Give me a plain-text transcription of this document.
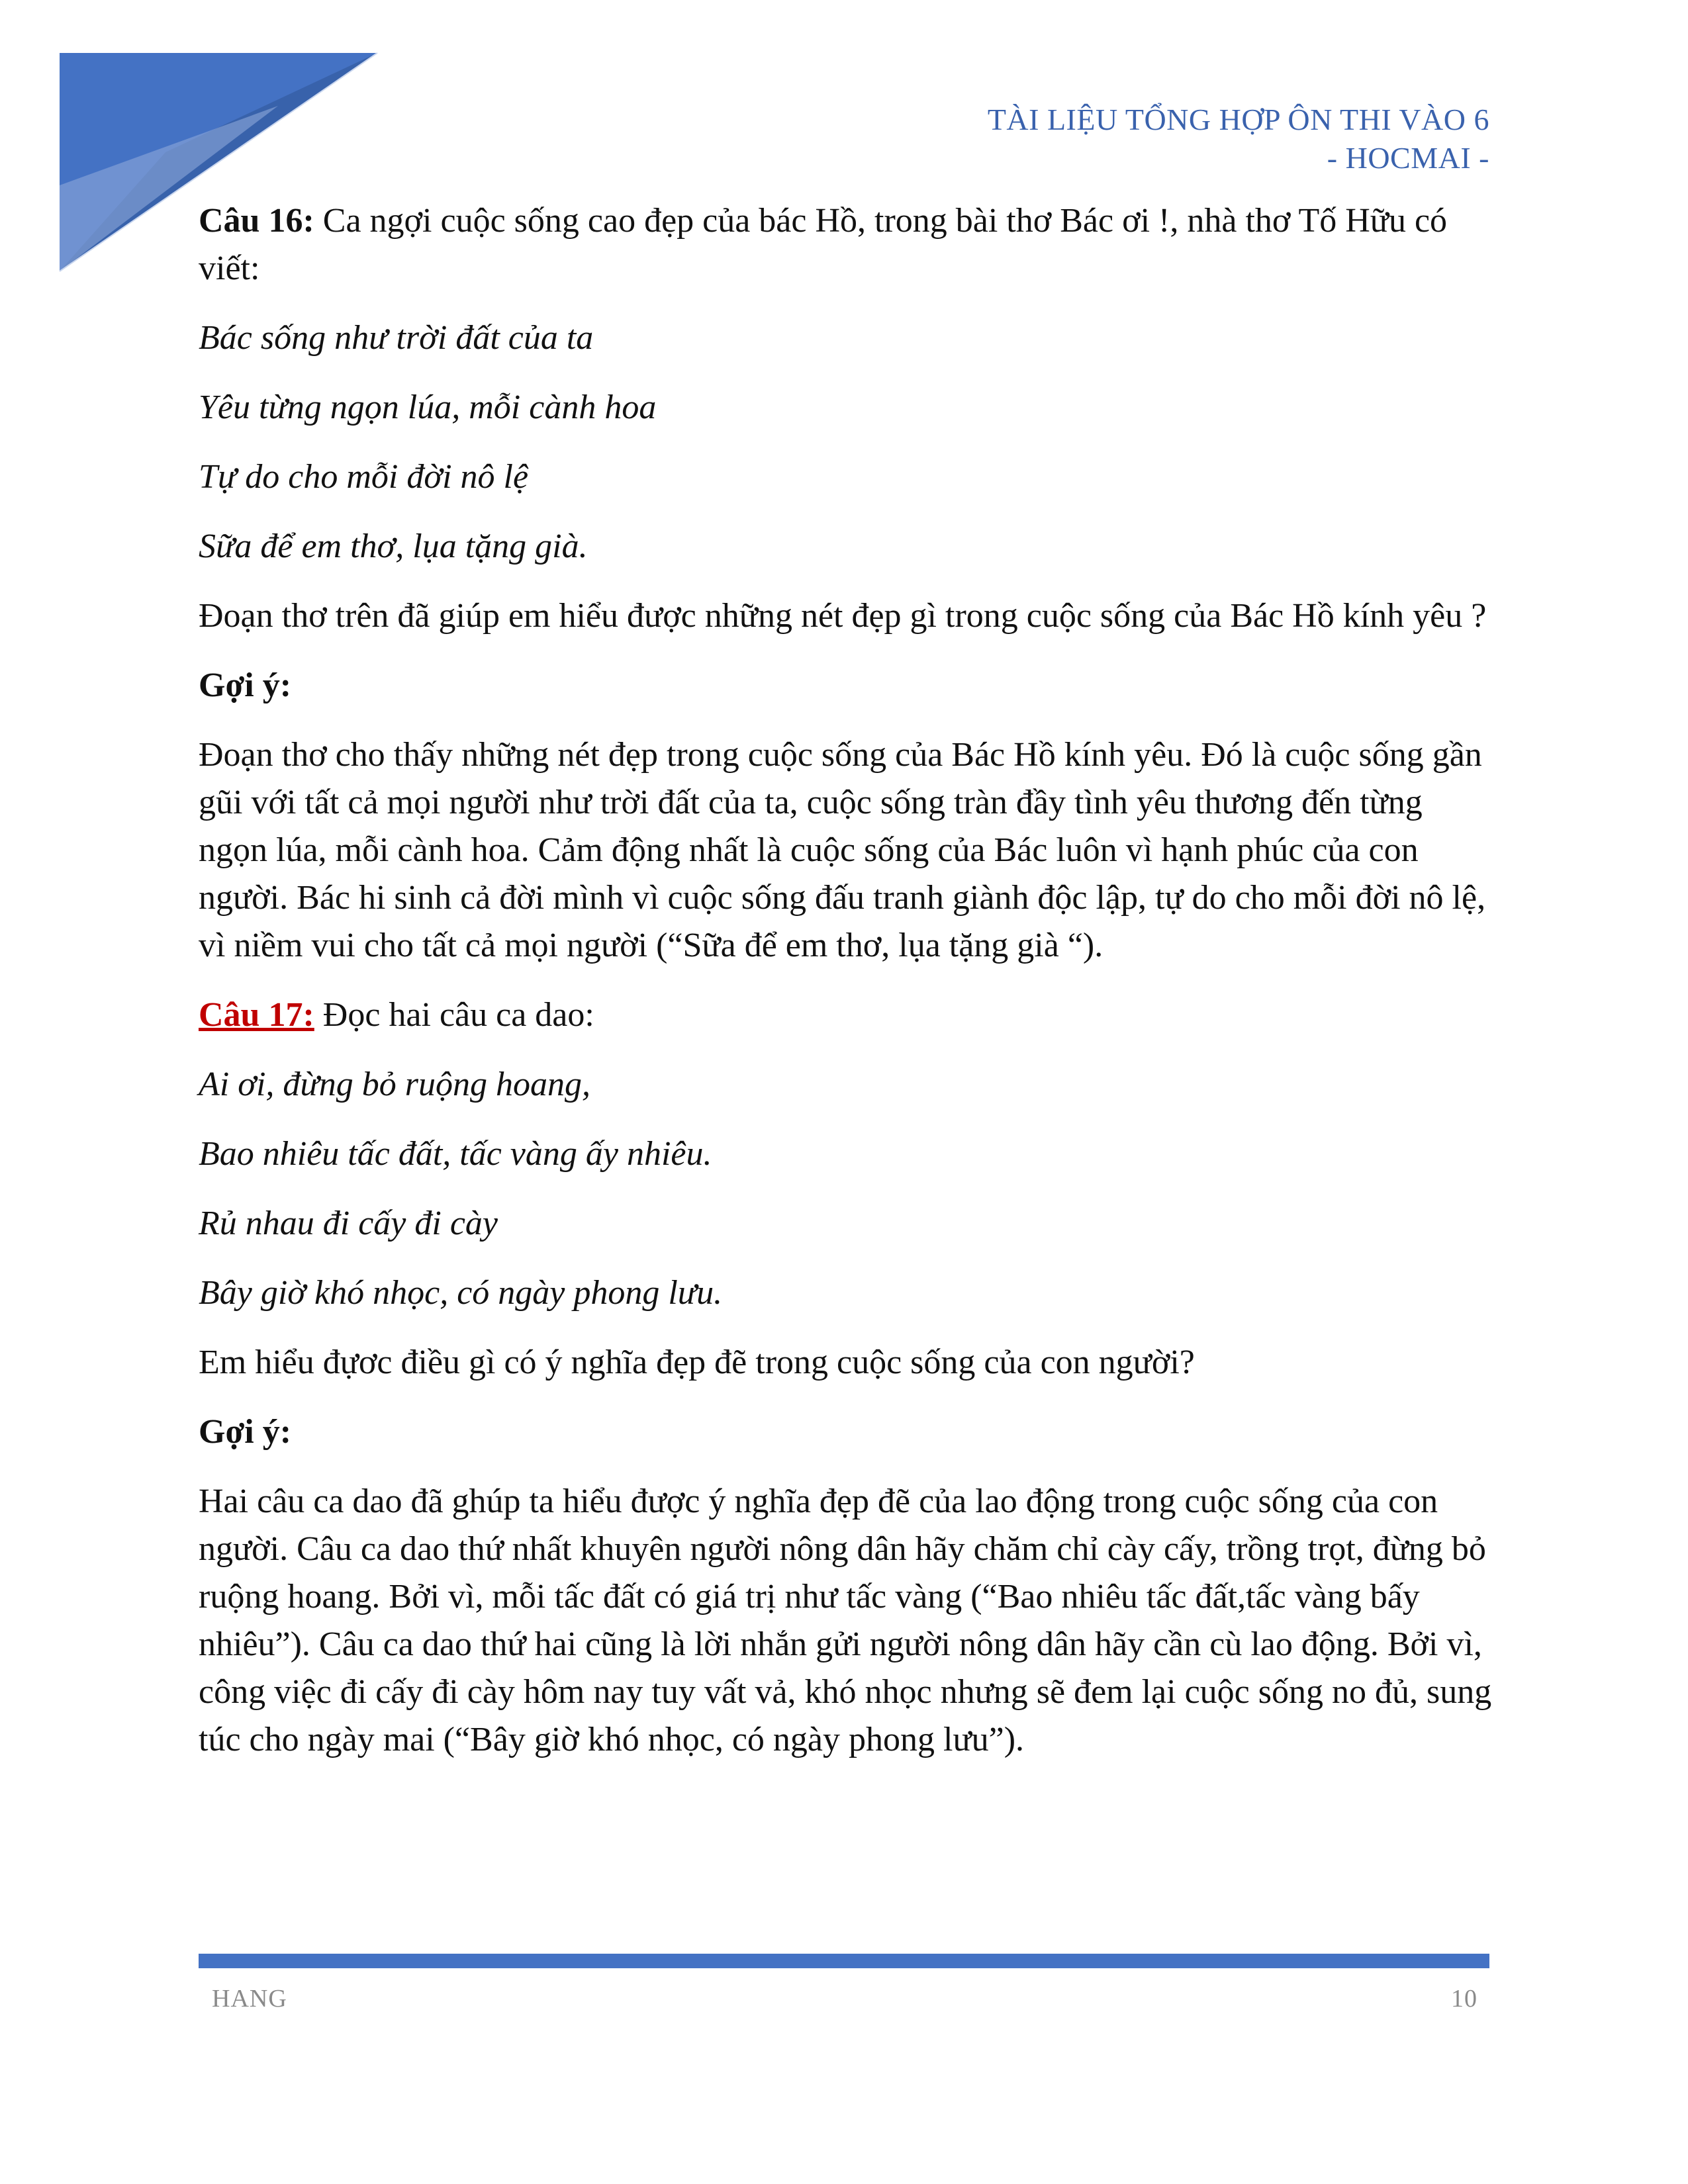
TÀI LIỆU TỔNG HỢP ÔN THI VÀO 6
- HOCMAI -

Câu 16: Ca ngợi cuộc sống cao đẹp của bác Hồ, trong bài thơ Bác ơi !, nhà thơ Tố Hữu có viết:

Bác sống như trời đất của ta

Yêu từng ngọn lúa, mỗi cành hoa

Tự do cho mỗi đời nô lệ

Sữa để em thơ, lụa tặng già.

Đoạn thơ trên đã giúp em hiểu được những nét đẹp gì trong cuộc sống của Bác Hồ kính yêu ?

Gợi ý:

Đoạn thơ cho thấy những nét đẹp trong cuộc sống của Bác Hồ kính yêu. Đó là cuộc sống gần gũi với tất cả mọi người như trời đất của ta, cuộc sống tràn đầy tình yêu thương đến từng ngọn lúa, mỗi cành hoa. Cảm động nhất là cuộc sống của Bác luôn vì hạnh phúc của con người. Bác hi sinh cả đời mình vì cuộc sống đấu tranh giành độc lập, tự do cho mỗi đời nô lệ, vì niềm vui cho tất cả mọi người (“Sữa để em thơ, lụa tặng già “).

Câu 17: Đọc hai câu ca dao:

Ai ơi, đừng bỏ ruộng hoang,

Bao nhiêu tấc đất, tấc vàng ấy nhiêu.

Rủ nhau đi cấy đi cày

Bây giờ khó nhọc, có ngày phong lưu.

Em hiểu đựơc điều gì có ý nghĩa đẹp đẽ trong cuộc sống của con người?

Gợi ý:

Hai câu ca dao đã ghúp ta hiểu được ý nghĩa đẹp đẽ của lao động trong cuộc sống của con người. Câu ca dao thứ nhất khuyên người nông dân hãy chăm chỉ cày cấy, trồng trọt, đừng bỏ ruộng hoang. Bởi vì, mỗi tấc đất có giá trị như tấc vàng (“Bao nhiêu tấc đất,tấc vàng bấy nhiêu”). Câu ca dao thứ hai cũng là lời nhắn gửi người nông dân hãy cần cù lao động. Bởi vì, công việc đi cấy đi cày hôm nay tuy vất vả, khó nhọc nhưng sẽ đem lại cuộc sống no đủ, sung túc cho ngày mai (“Bây giờ khó nhọc, có ngày phong lưu”).

HANG	10
